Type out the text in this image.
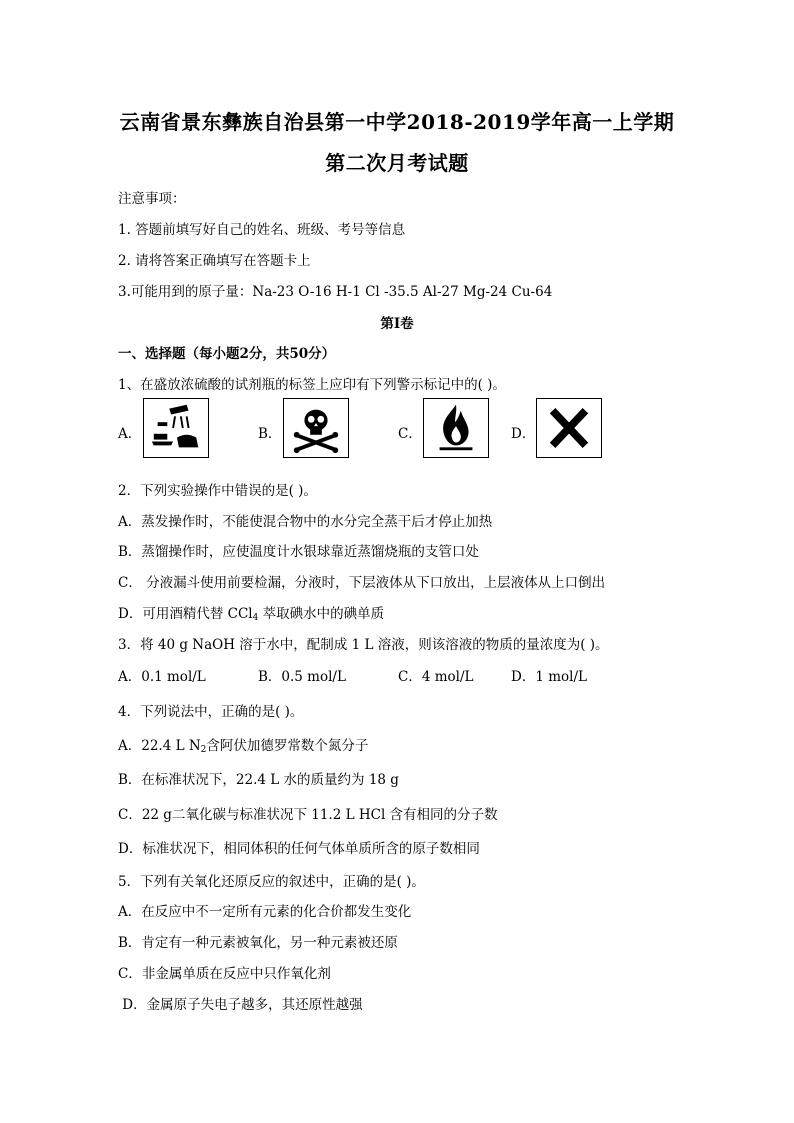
云南省景东彝族自治县第一中学2018-2019学年高一上学期
第二次月考试题
注意事项：
1. 答题前填写好自己的姓名、班级、考号等信息
2. 请将答案正确填写在答题卡上
3.可能用到的原子量：Na-23 O-16 H-1 Cl -35.5 Al-27 Mg-24 Cu-64
第I卷
一、选择题（每小题2分，共50分）
1、在盛放浓硫酸的试剂瓶的标签上应印有下列警示标记中的( )。
A．	B．	C．	D．
2．下列实验操作中错误的是( )。
A．蒸发操作时，不能使混合物中的水分完全蒸干后才停止加热
B．蒸馏操作时，应使温度计水银球靠近蒸馏烧瓶的支管口处
C． 分液漏斗使用前要检漏，分液时，下层液体从下口放出，上层液体从上口倒出
D．可用酒精代替 CCl$_4$ 萃取碘水中的碘单质
3．将 40 g NaOH 溶于水中，配制成 1 L 溶液，则该溶液的物质的量浓度为( )。
A．0.1 mol/L	B．0.5 mol/L	C．4 mol/L	D．1 mol/L
4．下列说法中，正确的是( )。
A．22.4 L $N_2$含阿伏加德罗常数个氮分子
B．在标准状况下，22.4 L 水的质量约为 18 g
C．22 g二氧化碳与标准状况下 11.2 L HCl 含有相同的分子数
D．标准状况下，相同体积的任何气体单质所含的原子数相同
5．下列有关氧化还原反应的叙述中，正确的是( )。
A．在反应中不一定所有元素的化合价都发生变化
B．肯定有一种元素被氧化，另一种元素被还原
C．非金属单质在反应中只作氧化剂
D．金属原子失电子越多，其还原性越强
